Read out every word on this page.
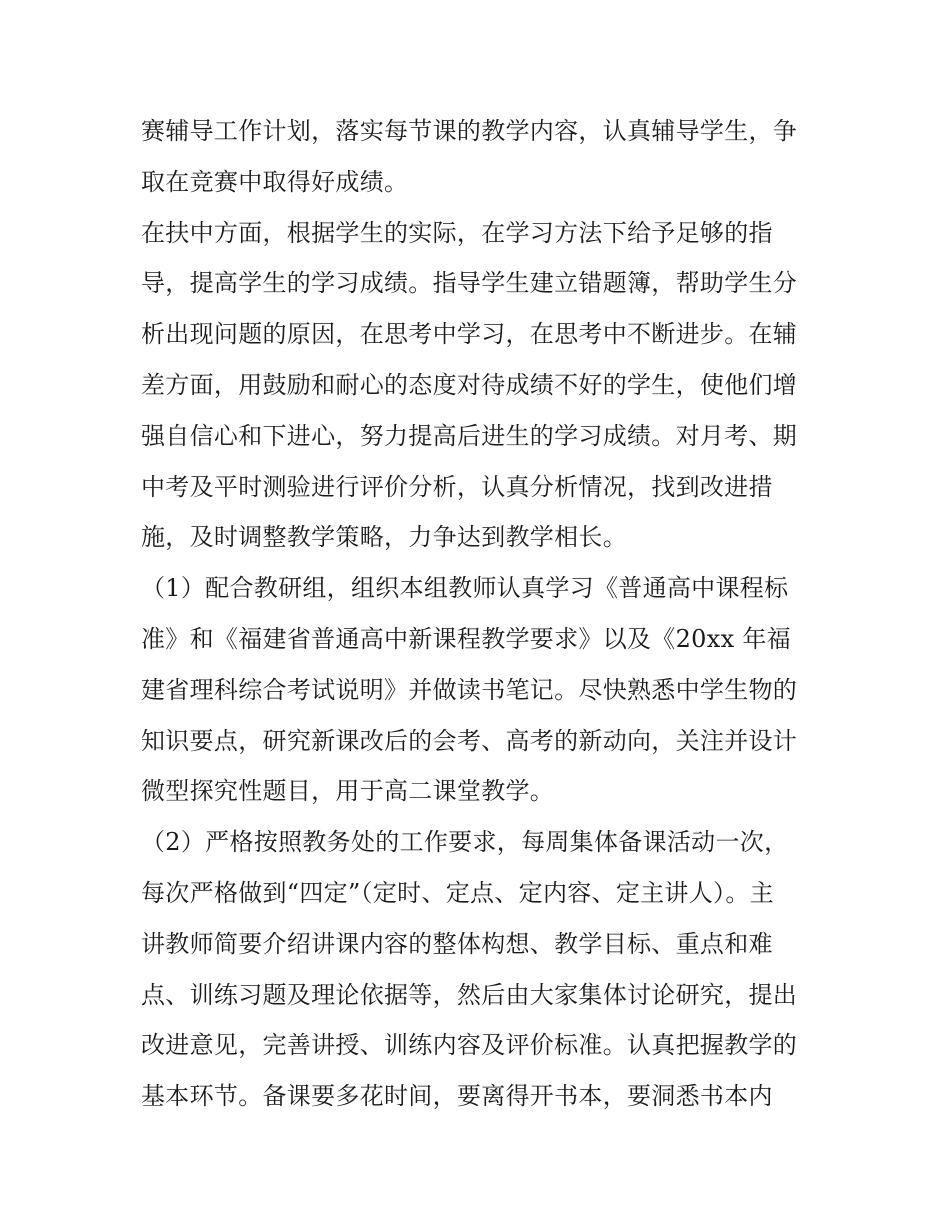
赛辅导工作计划，落实每节课的教学内容，认真辅导学生，争
取在竞赛中取得好成绩。
在扶中方面，根据学生的实际，在学习方法下给予足够的指
导，提高学生的学习成绩。指导学生建立错题簿，帮助学生分
析出现问题的原因，在思考中学习，在思考中不断进步。在辅
差方面，用鼓励和耐心的态度对待成绩不好的学生，使他们增
强自信心和下进心，努力提高后进生的学习成绩。对月考、期
中考及平时测验进行评价分析，认真分析情况，找到改进措
施，及时调整教学策略，力争达到教学相长。
（1）配合教研组，组织本组教师认真学习《普通高中课程标
准》和《福建省普通高中新课程教学要求》以及《20xx 年福
建省理科综合考试说明》并做读书笔记。尽快熟悉中学生物的
知识要点，研究新课改后的会考、高考的新动向，关注并设计
微型探究性题目，用于高二课堂教学。
（2）严格按照教务处的工作要求，每周集体备课活动一次，
每次严格做到“四定”（定时、定点、定内容、定主讲人）。主
讲教师简要介绍讲课内容的整体构想、教学目标、重点和难
点、训练习题及理论依据等，然后由大家集体讨论研究，提出
改进意见，完善讲授、训练内容及评价标准。认真把握教学的
基本环节。备课要多花时间，要离得开书本，要洞悉书本内
